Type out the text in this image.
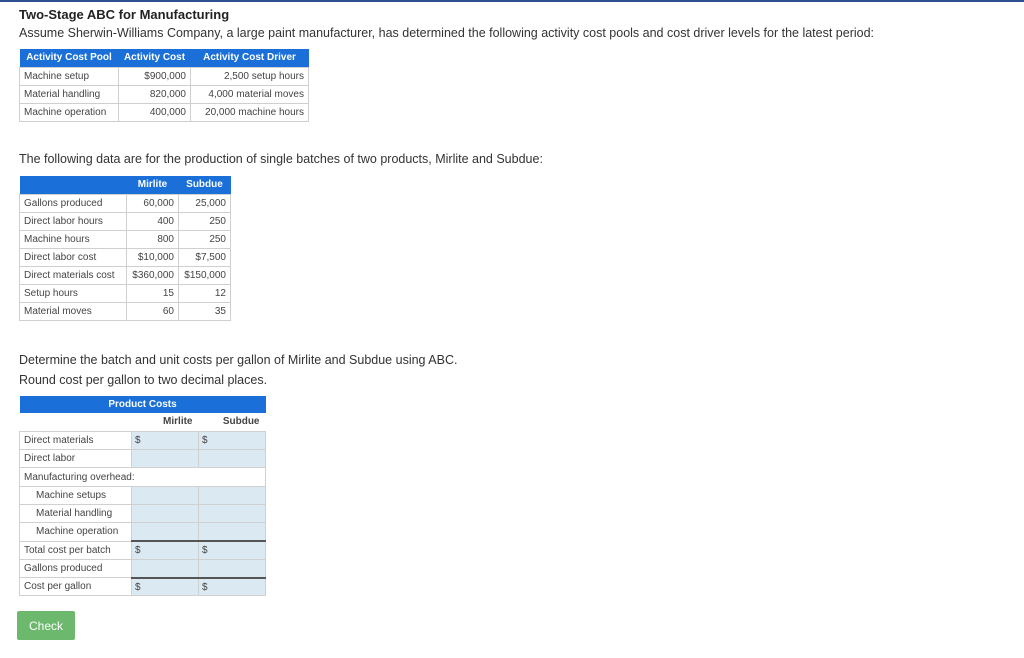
Two-Stage ABC for Manufacturing
Assume Sherwin-Williams Company, a large paint manufacturer, has determined the following activity cost pools and cost driver levels for the latest period:
Activity Cost Pool	Activity Cost	Activity Cost Driver
Machine setup	$900,000	2,500 setup hours
Material handling	820,000	4,000 material moves
Machine operation	400,000	20,000 machine hours
The following data are for the production of single batches of two products, Mirlite and Subdue:
	Mirlite	Subdue
Gallons produced	60,000	25,000
Direct labor hours	400	250
Machine hours	800	250
Direct labor cost	$10,000	$7,500
Direct materials cost	$360,000	$150,000
Setup hours	15	12
Material moves	60	35
Determine the batch and unit costs per gallon of Mirlite and Subdue using ABC.
Round cost per gallon to two decimal places.
Product Costs		
	Mirlite	Subdue
Direct materials	$	$
Direct labor		
Manufacturing overhead:		
Machine setups		
Material handling		
Machine operation		
Total cost per batch	$	$
Gallons produced		
Cost per gallon	$	$
Check
